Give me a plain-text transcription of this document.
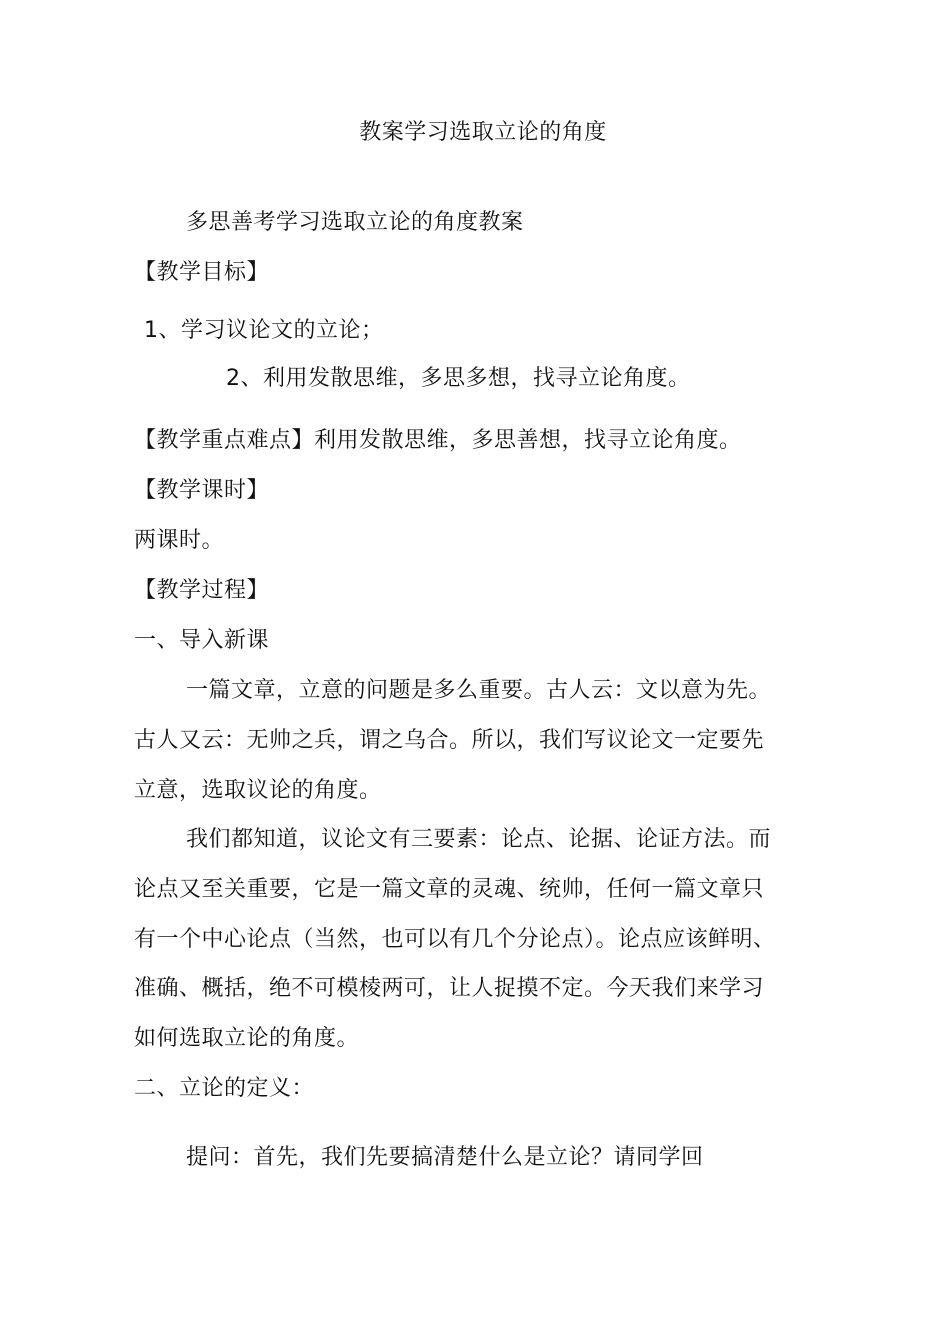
教案学习选取立论的角度
多思善考学习选取立论的角度教案
【教学目标】
1、学习议论文的立论；
2、利用发散思维，多思多想，找寻立论角度。
【教学重点难点】利用发散思维，多思善想，找寻立论角度。
【教学课时】
两课时。
【教学过程】
一、导入新课
一篇文章，立意的问题是多么重要。古人云：文以意为先。
古人又云：无帅之兵，谓之乌合。所以，我们写议论文一定要先
立意，选取议论的角度。
我们都知道，议论文有三要素：论点、论据、论证方法。而
论点又至关重要，它是一篇文章的灵魂、统帅，任何一篇文章只
有一个中心论点（当然，也可以有几个分论点）。论点应该鲜明、
准确、概括，绝不可模棱两可，让人捉摸不定。今天我们来学习
如何选取立论的角度。
二、立论的定义：
提问：首先，我们先要搞清楚什么是立论？请同学回
